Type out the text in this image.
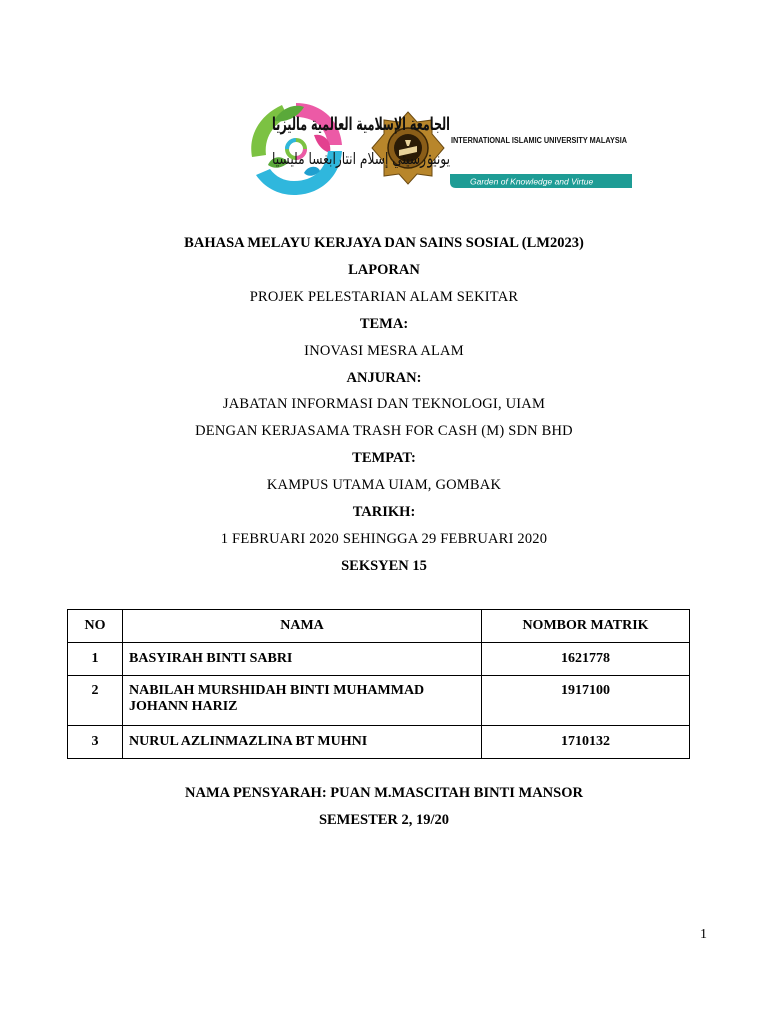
الجامعة الإسلامية العالمية ماليزيا
INTERNATIONAL ISLAMIC UNIVERSITY MALAYSIA
يونيۏرسيتي إسلام انتارابغسا مليسيا
Garden of Knowledge and Virtue
BAHASA MELAYU KERJAYA DAN SAINS SOSIAL (LM2023)
LAPORAN
PROJEK PELESTARIAN ALAM SEKITAR
TEMA:
INOVASI MESRA ALAM
ANJURAN:
JABATAN INFORMASI DAN TEKNOLOGI, UIAM
DENGAN KERJASAMA TRASH FOR CASH (M) SDN BHD
TEMPAT:
KAMPUS UTAMA UIAM, GOMBAK
TARIKH:
1 FEBRUARI 2020 SEHINGGA 29 FEBRUARI 2020
SEKSYEN 15
NO	NAMA	NOMBOR MATRIK
1	BASYIRAH BINTI SABRI	1621778
2	NABILAH MURSHIDAH BINTI MUHAMMAD
JOHANN HARIZ	1917100
3	NURUL AZLINMAZLINA BT MUHNI	1710132
NAMA PENSYARAH: PUAN M.MASCITAH BINTI MANSOR
SEMESTER 2, 19/20
1
